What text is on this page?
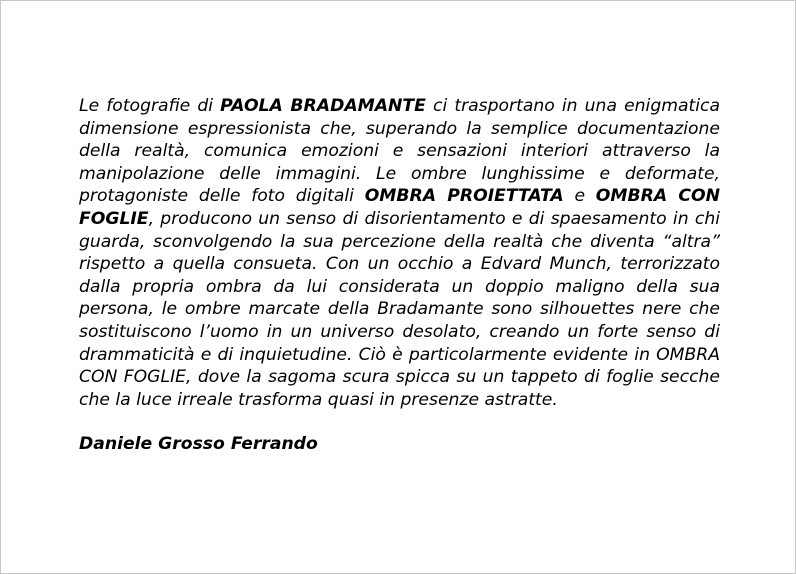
Le fotografie di PAOLA BRADAMANTE ci trasportano in una enigmatica dimensione espressionista che, superando la semplice documentazione della realtà, comunica emozioni e sensazioni interiori attraverso la manipolazione delle immagini. Le ombre lunghissime e deformate, protagoniste delle foto digitali OMBRA PROIETTATA e OMBRA CON FOGLIE, producono un senso di disorientamento e di spaesamento in chi guarda, sconvolgendo la sua percezione della realtà che diventa “altra” rispetto a quella consueta. Con un occhio a Edvard Munch, terrorizzato dalla propria ombra da lui considerata un doppio maligno della sua persona, le ombre marcate della Bradamante sono silhouettes nere che sostituiscono l’uomo in un universo desolato, creando un forte senso di drammaticità e di inquietudine. Ciò è particolarmente evidente in OMBRA CON FOGLIE, dove la sagoma scura spicca su un tappeto di foglie secche che la luce irreale trasforma quasi in presenze astratte.

Daniele Grosso Ferrando
